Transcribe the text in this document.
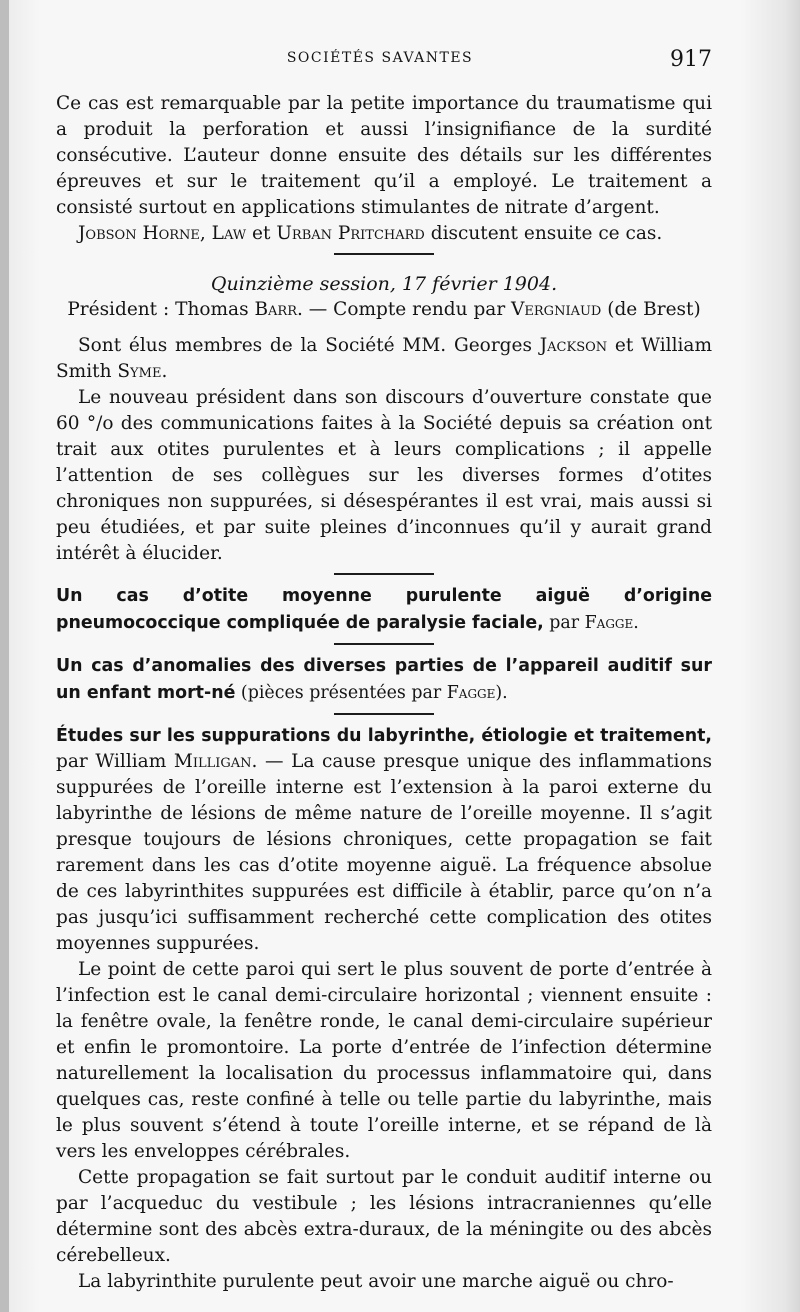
SOCIÉTÉS SAVANTES	917

Ce cas est remarquable par la petite importance du traumatisme qui a produit la perforation et aussi l’insignifiance de la surdité consécutive. L’auteur donne ensuite des détails sur les différentes épreuves et sur le traitement qu’il a employé. Le traitement a consisté surtout en applications stimulantes de nitrate d’argent.

Jobson Horne, Law et Urban Pritchard discutent ensuite ce cas.

Quinzième session, 17 février 1904.
Président : Thomas Barr. — Compte rendu par Vergniaud (de Brest)

Sont élus membres de la Société MM. Georges Jackson et William Smith Syme.

Le nouveau président dans son discours d’ouverture constate que 60 °/o des communications faites à la Société depuis sa création ont trait aux otites purulentes et à leurs complications ; il appelle l’attention de ses collègues sur les diverses formes d’otites chroniques non suppurées, si désespérantes il est vrai, mais aussi si peu étudiées, et par suite pleines d’inconnues qu’il y aurait grand intérêt à élucider.

Un cas d’otite moyenne purulente aiguë d’origine pneumococcique compliquée de paralysie faciale, par Fagge.
Un cas d’anomalies des diverses parties de l’appareil auditif sur un enfant mort-né (pièces présentées par Fagge).

Études sur les suppurations du labyrinthe, étiologie et traitement, par William Milligan. — La cause presque unique des inflammations suppurées de l’oreille interne est l’extension à la paroi externe du labyrinthe de lésions de même nature de l’oreille moyenne. Il s’agit presque toujours de lésions chroniques, cette propagation se fait rarement dans les cas d’otite moyenne aiguë. La fréquence absolue de ces labyrinthites suppurées est difficile à établir, parce qu’on n’a pas jusqu’ici suffisamment recherché cette complication des otites moyennes suppurées.

Le point de cette paroi qui sert le plus souvent de porte d’entrée à l’infection est le canal demi-circulaire horizontal ; viennent ensuite : la fenêtre ovale, la fenêtre ronde, le canal demi-circulaire supérieur et enfin le promontoire. La porte d’entrée de l’infection détermine naturellement la localisation du processus inflammatoire qui, dans quelques cas, reste confiné à telle ou telle partie du labyrinthe, mais le plus souvent s’étend à toute l’oreille interne, et se répand de là vers les enveloppes cérébrales.

Cette propagation se fait surtout par le conduit auditif interne ou par l’acqueduc du vestibule ; les lésions intracraniennes qu’elle détermine sont des abcès extra-duraux, de la méningite ou des abcès cérebelleux.

La labyrinthite purulente peut avoir une marche aiguë ou chro-
